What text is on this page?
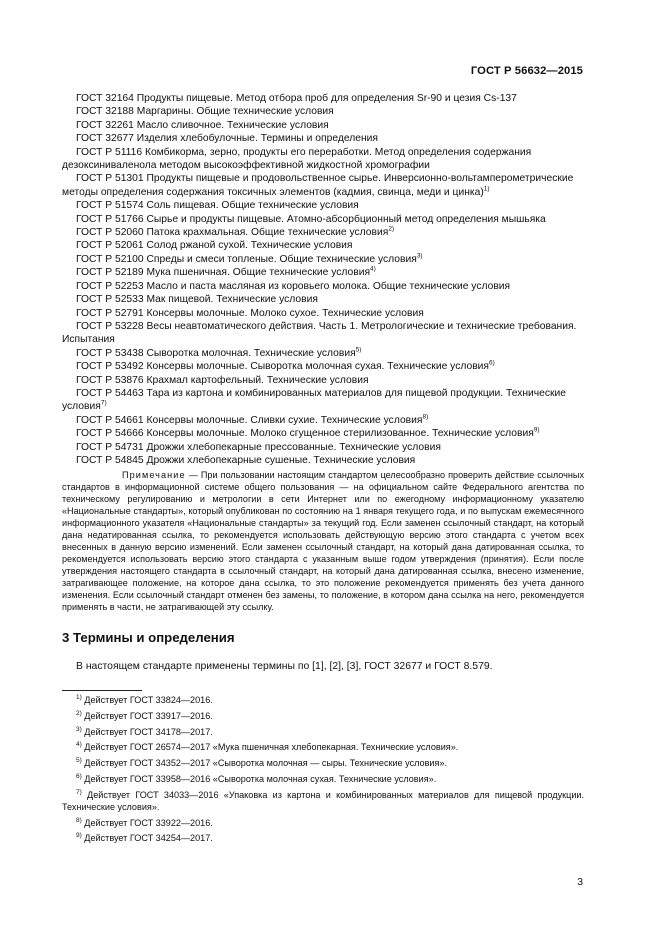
ГОСТ Р 56632—2015
ГОСТ 32164 Продукты пищевые. Метод отбора проб для определения Sr-90 и цезия Cs-137
ГОСТ 32188 Маргарины. Общие технические условия
ГОСТ 32261 Масло сливочное. Технические условия
ГОСТ 32677 Изделия хлебобулочные. Термины и определения
ГОСТ Р 51116 Комбикорма, зерно, продукты его переработки. Метод определения содержания дезоксиниваленола методом высокоэффективной жидкостной хромографии
ГОСТ Р 51301 Продукты пищевые и продовольственное сырье. Инверсионно-вольтамперометрические методы определения содержания токсичных элементов (кадмия, свинца, меди и цинка)$^{1)}$
ГОСТ Р 51574 Соль пищевая. Общие технические условия
ГОСТ Р 51766 Сырье и продукты пищевые. Атомно-абсорбционный метод определения мышьяка
ГОСТ Р 52060 Патока крахмальная. Общие технические условия$^{2)}$
ГОСТ Р 52061 Солод ржаной сухой. Технические условия
ГОСТ Р 52100 Спреды и смеси топленые. Общие технические условия$^{3)}$
ГОСТ Р 52189 Мука пшеничная. Общие технические условия$^{4)}$
ГОСТ Р 52253 Масло и паста масляная из коровьего молока. Общие технические условия
ГОСТ Р 52533 Мак пищевой. Технические условия
ГОСТ Р 52791 Консервы молочные. Молоко сухое. Технические условия
ГОСТ Р 53228 Весы неавтоматического действия. Часть 1. Метрологические и технические требования. Испытания
ГОСТ Р 53438 Сыворотка молочная. Технические условия$^{5)}$
ГОСТ Р 53492 Консервы молочные. Сыворотка молочная сухая. Технические условия$^{6)}$
ГОСТ Р 53876 Крахмал картофельный. Технические условия
ГОСТ Р 54463 Тара из картона и комбинированных материалов для пищевой продукции. Технические условия$^{7)}$
ГОСТ Р 54661 Консервы молочные. Сливки сухие. Технические условия$^{8)}$
ГОСТ Р 54666 Консервы молочные. Молоко сгущенное стерилизованное. Технические условия$^{9)}$
ГОСТ Р 54731 Дрожжи хлебопекарные прессованные. Технические условия
ГОСТ Р 54845 Дрожжи хлебопекарные сушеные. Технические условия
Примечание — При пользовании настоящим стандартом целесообразно проверить действие ссылочных стандартов в информационной системе общего пользования — на официальном сайте Федерального агентства по техническому регулированию и метрологии в сети Интернет или по ежегодному информационному указателю «Национальные стандарты», который опубликован по состоянию на 1 января текущего года, и по выпускам ежемесячного информационного указателя «Национальные стандарты» за текущий год. Если заменен ссылочный стандарт, на который дана недатированная ссылка, то рекомендуется использовать действующую версию этого стандарта с учетом всех внесенных в данную версию изменений. Если заменен ссылочный стандарт, на который дана датированная ссылка, то рекомендуется использовать версию этого стандарта с указанным выше годом утверждения (принятия). Если после утверждения настоящего стандарта в ссылочный стандарт, на который дана датированная ссылка, внесено изменение, затрагивающее положение, на которое дана ссылка, то это положение рекомендуется применять без учета данного изменения. Если ссылочный стандарт отменен без замены, то положение, в котором дана ссылка на него, рекомендуется применять в части, не затрагивающей эту ссылку.
3 Термины и определения
В настоящем стандарте применены термины по [1], [2], [3], ГОСТ 32677 и ГОСТ 8.579.
$^{1)}$ Действует ГОСТ 33824—2016.
$^{2)}$ Действует ГОСТ 33917—2016.
$^{3)}$ Действует ГОСТ 34178—2017.
$^{4)}$ Действует ГОСТ 26574—2017 «Мука пшеничная хлебопекарная. Технические условия».
$^{5)}$ Действует ГОСТ 34352—2017 «Сыворотка молочная — сыры. Технические условия».
$^{6)}$ Действует ГОСТ 33958—2016 «Сыворотка молочная сухая. Технические условия».
$^{7)}$ Действует ГОСТ 34033—2016 «Упаковка из картона и комбинированных материалов для пищевой продукции. Технические условия».
$^{8)}$ Действует ГОСТ 33922—2016.
$^{9)}$ Действует ГОСТ 34254—2017.
3
